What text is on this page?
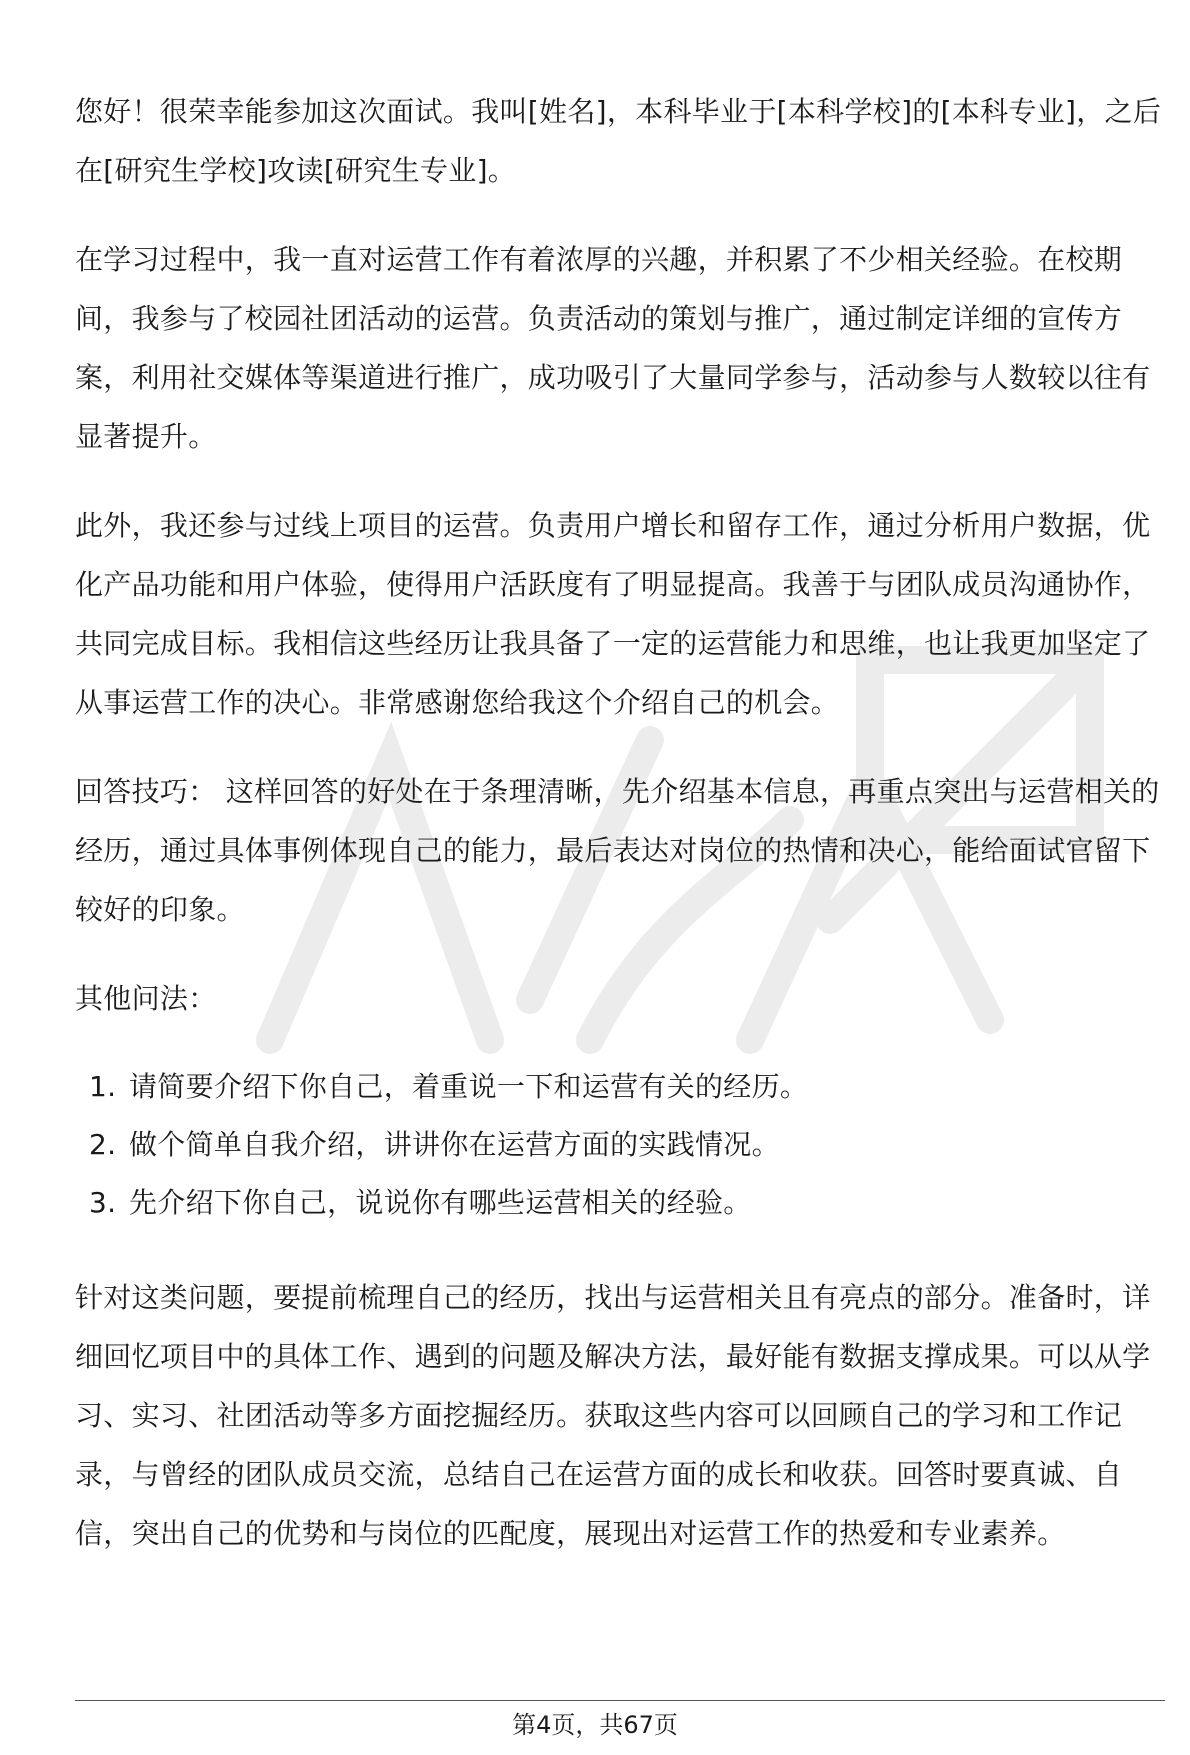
您好！很荣幸能参加这次面试。我叫[姓名]，本科毕业于[本科学校]的[本科专业]，之后在[研究生学校]攻读[研究生专业]。

在学习过程中，我一直对运营工作有着浓厚的兴趣，并积累了不少相关经验。在校期间，我参与了校园社团活动的运营。负责活动的策划与推广，通过制定详细的宣传方案，利用社交媒体等渠道进行推广，成功吸引了大量同学参与，活动参与人数较以往有显著提升。

此外，我还参与过线上项目的运营。负责用户增长和留存工作，通过分析用户数据，优化产品功能和用户体验，使得用户活跃度有了明显提高。我善于与团队成员沟通协作，共同完成目标。我相信这些经历让我具备了一定的运营能力和思维，也让我更加坚定了从事运营工作的决心。非常感谢您给我这个介绍自己的机会。

回答技巧： 这样回答的好处在于条理清晰，先介绍基本信息，再重点突出与运营相关的经历，通过具体事例体现自己的能力，最后表达对岗位的热情和决心，能给面试官留下较好的印象。

其他问法：

1. 请简要介绍下你自己，着重说一下和运营有关的经历。
2. 做个简单自我介绍，讲讲你在运营方面的实践情况。
3. 先介绍下你自己，说说你有哪些运营相关的经验。

针对这类问题，要提前梳理自己的经历，找出与运营相关且有亮点的部分。准备时，详细回忆项目中的具体工作、遇到的问题及解决方法，最好能有数据支撑成果。可以从学习、实习、社团活动等多方面挖掘经历。获取这些内容可以回顾自己的学习和工作记录，与曾经的团队成员交流，总结自己在运营方面的成长和收获。回答时要真诚、自信，突出自己的优势和与岗位的匹配度，展现出对运营工作的热爱和专业素养。

第4页，共67页
